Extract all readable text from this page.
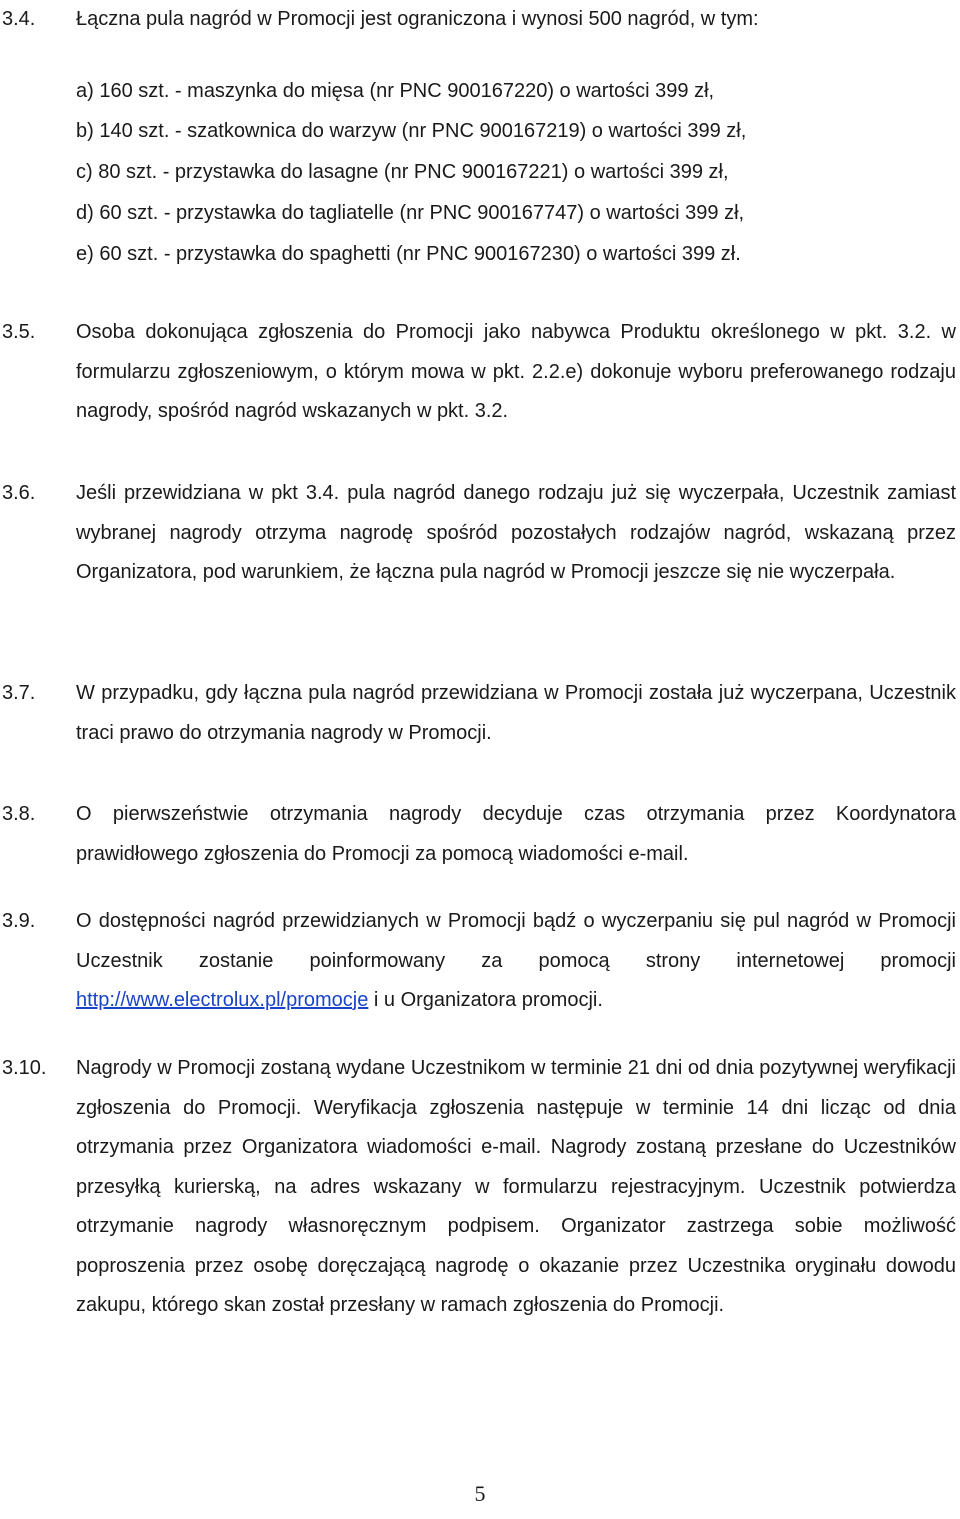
3.4. Łączna pula nagród w Promocji jest ograniczona i wynosi 500 nagród, w tym:
a) 160 szt. - maszynka do mięsa (nr PNC 900167220) o wartości 399 zł,
b) 140 szt. - szatkownica do warzyw (nr PNC 900167219) o wartości 399 zł,
c) 80 szt. - przystawka do lasagne (nr PNC 900167221) o wartości 399 zł,
d) 60 szt. - przystawka do tagliatelle (nr PNC 900167747) o wartości 399 zł,
e) 60 szt. - przystawka do spaghetti (nr PNC 900167230) o wartości 399 zł.
3.5. Osoba dokonująca zgłoszenia do Promocji jako nabywca Produktu określonego w pkt. 3.2. w formularzu zgłoszeniowym, o którym mowa w pkt. 2.2.e) dokonuje wyboru preferowanego rodzaju nagrody, spośród nagród wskazanych w pkt. 3.2.
3.6. Jeśli przewidziana w pkt 3.4. pula nagród danego rodzaju już się wyczerpała, Uczestnik zamiast wybranej nagrody otrzyma nagrodę spośród pozostałych rodzajów nagród, wskazaną przez Organizatora, pod warunkiem, że łączna pula nagród w Promocji jeszcze się nie wyczerpała.
3.7. W przypadku, gdy łączna pula nagród przewidziana w Promocji została już wyczerpana, Uczestnik traci prawo do otrzymania nagrody w Promocji.
3.8. O pierwszeństwie otrzymania nagrody decyduje czas otrzymania przez Koordynatora prawidłowego zgłoszenia do Promocji za pomocą wiadomości e-mail.
3.9. O dostępności nagród przewidzianych w Promocji bądź o wyczerpaniu się pul nagród w Promocji Uczestnik zostanie poinformowany za pomocą strony internetowej promocji http://www.electrolux.pl/promocje i u Organizatora promocji.
3.10. Nagrody w Promocji zostaną wydane Uczestnikom w terminie 21 dni od dnia pozytywnej weryfikacji zgłoszenia do Promocji. Weryfikacja zgłoszenia następuje w terminie 14 dni licząc od dnia otrzymania przez Organizatora wiadomości e-mail. Nagrody zostaną przesłane do Uczestników przesyłką kurierską, na adres wskazany w formularzu rejestracyjnym. Uczestnik potwierdza otrzymanie nagrody własnoręcznym podpisem. Organizator zastrzega sobie możliwość poproszenia przez osobę doręczającą nagrodę o okazanie przez Uczestnika oryginału dowodu zakupu, którego skan został przesłany w ramach zgłoszenia do Promocji.
5
